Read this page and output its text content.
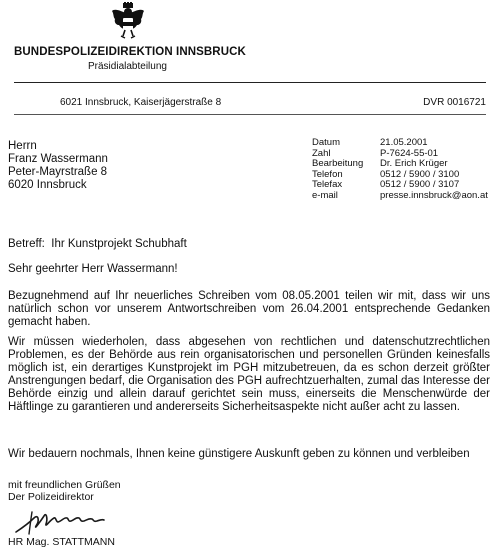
BUNDESPOLIZEIDIREKTION INNSBRUCK
Präsidialabteilung
6021 Innsbruck, Kaiserjägerstraße 8	DVR 0016721
Herrn
Franz Wassermann
Peter-Mayrstraße 8
6020 Innsbruck
Datum	21.05.2001
Zahl	P-7624-55-01
Bearbeitung	Dr. Erich Krüger
Telefon	0512 / 5900 / 3100
Telefax	0512 / 5900 / 3107
e-mail	presse.innsbruck@aon.at
Betreff:  Ihr Kunstprojekt Schubhaft
Sehr geehrter Herr Wassermann!
Bezugnehmend auf Ihr neuerliches Schreiben vom 08.05.2001 teilen wir mit, dass wir uns natürlich schon vor unserem Antwortschreiben vom 26.04.2001 entsprechende Gedanken gemacht haben.
Wir müssen wiederholen, dass abgesehen von rechtlichen und datenschutzrechtlichen Problemen, es der Behörde aus rein organisatorischen und personellen Gründen keinesfalls möglich ist, ein derartiges Kunstprojekt im PGH mitzubetreuen, da es schon derzeit größter Anstrengungen bedarf, die Organisation des PGH aufrechtzuerhalten, zumal das Interesse der Behörde einzig und allein darauf gerichtet sein muss, einerseits die Menschenwürde der Häftlinge zu garantieren und andererseits Sicherheitsaspekte nicht außer acht zu lassen.
Wir bedauern nochmals, Ihnen keine günstigere Auskunft geben zu können und verbleiben
mit freundlichen Grüßen
Der Polizeidirektor
HR Mag. STATTMANN
